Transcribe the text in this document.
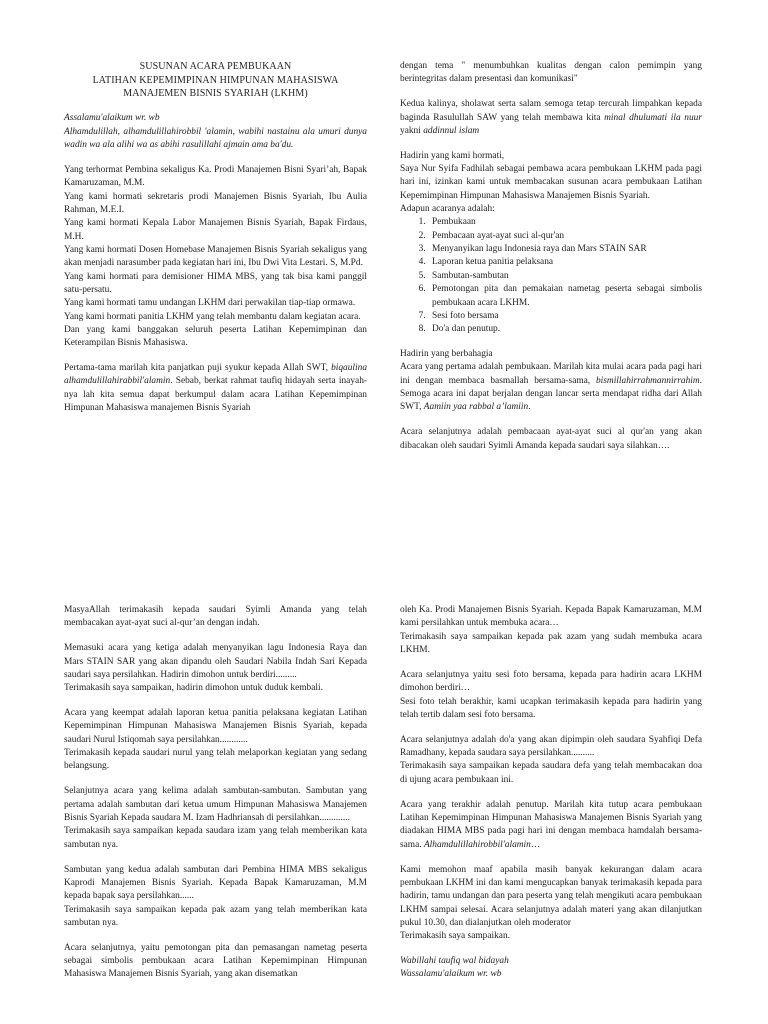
SUSUNAN ACARA PEMBUKAAN

LATIHAN KEPEMIMPINAN HIMPUNAN MAHASISWA

MANAJEMEN BISNIS SYARIAH (LKHM)

Assalamu'alaikum wr. wb

Alhamdulillah, alhamdulillahirobbil 'alamin, wabihi nastainu ala umuri dunya wadin wa ala alihi wa as abihi rasulillahi ajmain ama ba'du.

Yang terhormat Pembina sekaligus Ka. Prodi Manajemen Bisni Syari’ah, Bapak Kamaruzaman, M.M.

Yang kami hormati sekretaris prodi Manajemen Bisnis Syariah, Ibu Aulia Rahman, M.E.I.

Yang kami hormati Kepala Labor Manajemen Bisnis Syariah, Bapak Firdaus, M.H.

Yang kami hormati Dosen Homebase Manajemen Bisnis Syariah sekaligus yang akan menjadi narasumber pada kegiatan hari ini, Ibu Dwi Vita Lestari. S, M.Pd.

Yang kami hormati para demisioner HIMA MBS, yang tak bisa kami panggil satu-persatu.

Yang kami hormati tamu undangan LKHM dari perwakilan tiap-tiap ormawa.

Yang kami hormati panitia LKHM yang telah membantu dalam kegiatan acara.

Dan yang kami banggakan seluruh peserta Latihan Kepemimpinan dan Keterampilan Bisnis Mahasiswa.

Pertama-tama marilah kita panjatkan puji syukur kepada Allah SWT, biqaulina alhamdulillahirabbil'alamin. Sebab, berkat rahmat taufiq hidayah serta inayah-nya lah kita semua dapat berkumpul dalam acara Latihan Kepemimpinan Himpunan Mahasiswa manajemen Bisnis Syariah

dengan tema " menumbuhkan kualitas dengan calon pemimpin yang berintegritas dalam presentasi dan komunikasi"

Kedua kalinya, sholawat serta salam semoga tetap tercurah limpahkan kepada baginda Rasulullah SAW yang telah membawa kita minal dhulumati ila nuur yakni addinnul islam

Hadirin yang kami hormati,

Saya Nur Syifa Fadhilah sebagai pembawa acara pembukaan LKHM pada pagi hari ini, izinkan kami untuk membacakan susunan acara pembukaan Latihan Kepemimpinan Himpunan Mahasiswa Manajemen Bisnis Syariah.

Adapun acaranya adalah:

1. Pembukaan
2. Pembacaan ayat-ayat suci al-qur'an
3. Menyanyikan lagu Indonesia raya dan Mars STAIN SAR
4. Laporan ketua panitia pelaksana
5. Sambutan-sambutan
6. Pemotongan pita dan pemakaian nametag peserta sebagai simbolis pembukaan acara LKHM.
7. Sesi foto bersama
8. Do'a dan penutup.

Hadirin yang berbahagia

Acara yang pertama adalah pembukaan. Marilah kita mulai acara pada pagi hari ini dengan membaca basmallah bersama-sama, bismillahirrahmannirrahim. Semoga acara ini dapat berjalan dengan lancar serta mendapat ridha dari Allah SWT, Aamiin yaa rabbal a’lamiin.

Acara selanjutnya adalah pembacaan ayat-ayat suci al qur'an yang akan dibacakan oleh saudari Syimli Amanda kepada saudari saya silahkan….

MasyaAllah terimakasih kepada saudari Syimli Amanda yang telah membacakan ayat-ayat suci al-qur’an dengan indah.

Memasuki acara yang ketiga adalah menyanyikan lagu Indonesia Raya dan Mars STAIN SAR yang akan dipandu oleh Saudari Nabila Indah Sari Kepada saudari saya persilahkan. Hadirin dimohon untuk berdiri.........

Terimakasih saya sampaikan, hadirin dimohon untuk duduk kembali.

Acara yang keempat adalah laporan ketua panitia pelaksana kegiatan Latihan Kepemimpinan Himpunan Mahasiswa Manajemen Bisnis Syariah, kepada saudari Nurul Istiqomah saya persilahkan............

Terimakasih kepada saudari nurul yang telah melaporkan kegiatan yang sedang belangsung.

Selanjutnya acara yang kelima adalah sambutan-sambutan. Sambutan yang pertama adalah sambutan dari ketua umum Himpunan Mahasiswa Manajemen Bisnis Syariah Kepada saudara M. Izam Hadhriansah di persilahkan.............

Terimakasih saya sampaikan kepada saudara izam yang telah memberikan kata sambutan nya.

Sambutan yang kedua adalah sambutan dari Pembina HIMA MBS sekaligus Kaprodi Manajemen Bisnis Syariah. Kepada Bapak Kamaruzaman, M.M kepada bapak saya persilahkan......

Terimakasih saya sampaikan kepada pak azam yang telah memberikan kata sambutan nya.

Acara selanjutnya, yaitu pemotongan pita dan pemasangan nametag peserta sebagai simbolis pembukaan acara Latihan Kepemimpinan Himpunan Mahasiswa Manajemen Bisnis Syariah, yang akan disematkan

oleh Ka. Prodi Manajemen Bisnis Syariah. Kepada Bapak Kamaruzaman, M.M kami persilahkan untuk membuka acara…

Terimakasih saya sampaikan kepada pak azam yang sudah membuka acara LKHM.

Acara selanjutnya yaitu sesi foto bersama, kepada para hadirin acara LKHM dimohon berdiri…

Sesi foto telah berakhir, kami ucapkan terimakasih kepada para hadirin yang telah tertib dalam sesi foto bersama.

Acara selanjutnya adalah do'a yang akan dipimpin oleh saudara Syahfiqi Defa Ramadhany, kepada saudara saya persilahkan..........

Terimakasih saya sampaikan kepada saudara defa yang telah membacakan doa di ujung acara pembukaan ini.

Acara yang terakhir adalah penutup. Marilah kita tutup acara pembukaan Latihan Kepemimpinan Himpunan Mahasiswa Manajemen Bisnis Syariah yang diadakan HIMA MBS pada pagi hari ini dengan membaca hamdalah bersama-sama. Alhamdulillahirobbil'alamin…

Kami memohon maaf apabila masih banyak kekurangan dalam acara pembukaan LKHM ini dan kami mengucapkan banyak terimakasih kepada para hadirin, tamu undangan dan para peserta yang telah mengikuti acara pembukaan LKHM sampai selesai. Acara selanjutnya adalah materi yang akan dilanjutkan pukul 10.30, dan dialanjutkan oleh moderator

Terimakasih saya sampaikan.

Wabillahi taufiq wal hidayah

Wassalamu'alaikum wr. wb
